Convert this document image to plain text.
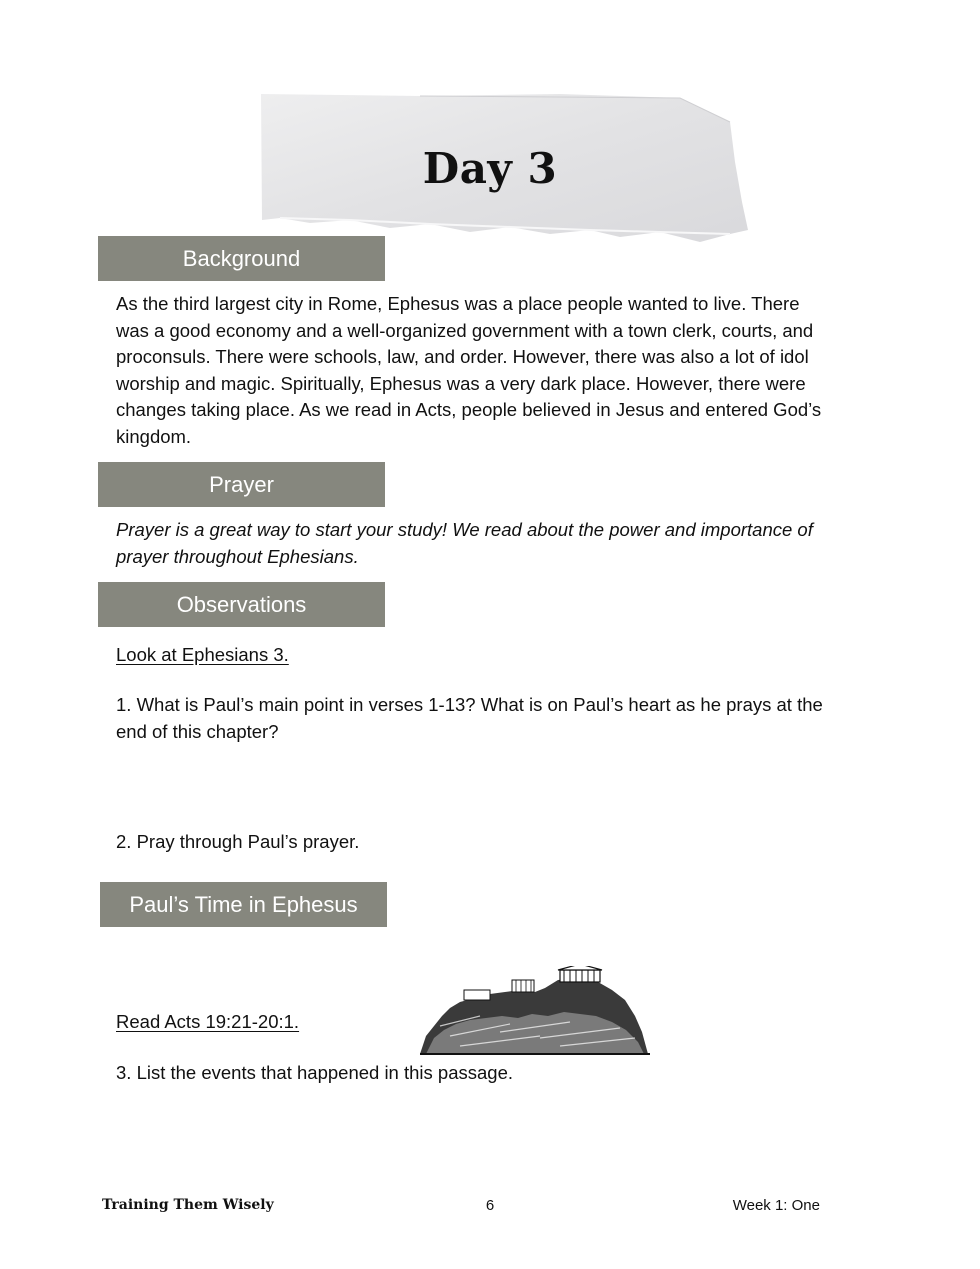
Day 3
Background
As the third largest city in Rome, Ephesus was a place people wanted to live. There was a good economy and a well-organized government with a town clerk, courts, and proconsuls. There were schools, law, and order. However, there was also a lot of idol worship and magic. Spiritually, Ephesus was a very dark place. However, there were changes taking place. As we read in Acts, people believed in Jesus and entered God’s kingdom.
Prayer
Prayer is a great way to start your study! We read about the power and importance of prayer throughout Ephesians.
Observations
Look at Ephesians 3.
1. What is Paul’s main point in verses 1-13? What is on Paul’s heart as he prays at the end of this chapter?
2. Pray through Paul’s prayer.
Paul’s Time in Ephesus
Read Acts 19:21-20:1.
3. List the events that happened in this passage.
Training Them Wisely	6	Week 1: One
